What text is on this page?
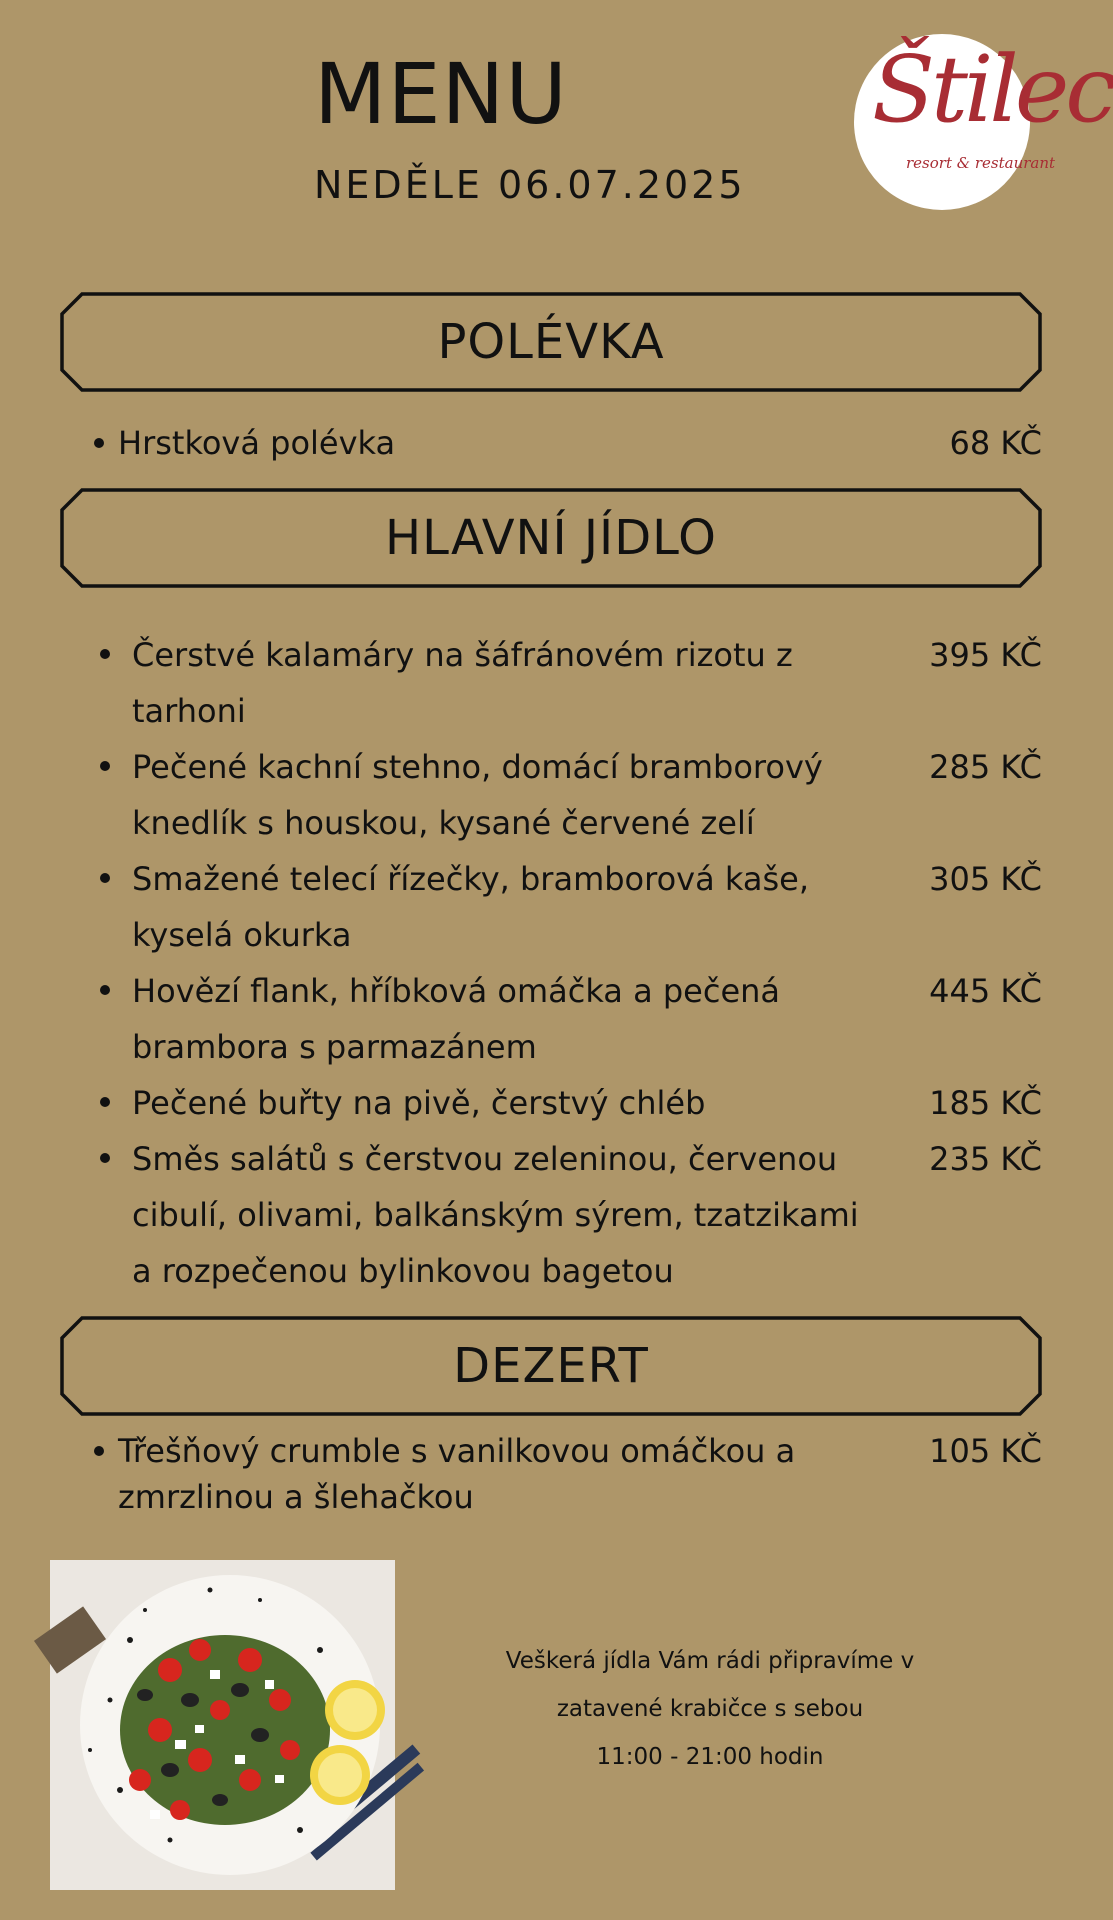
MENU
NEDĚLE 06.07.2025
Štilec
resort & restaurant
POLÉVKA
Hrstková polévka	68 KČ
HLAVNÍ JÍDLO
Čerstvé kalamáry na šáfránovém rizotu z tarhoni
395 KČ
Pečené kachní stehno, domácí bramborový knedlík s houskou, kysané červené zelí
285 KČ
Smažené telecí řízečky, bramborová kaše, kyselá okurka
305 KČ
Hovězí flank, hříbková omáčka a pečená brambora s parmazánem
445 KČ
Pečené buřty na pivě, čerstvý chléb	185 KČ
Směs salátů s čerstvou zeleninou, červenou cibulí, olivami, balkánským sýrem, tzatzikami a rozpečenou bylinkovou bagetou
235 KČ
DEZERT
Třešňový crumble s vanilkovou omáčkou a zmrzlinou a šlehačkou
105 KČ
Veškerá jídla Vám rádi připravíme v
zatavené krabičce s sebou
11:00 - 21:00 hodin
